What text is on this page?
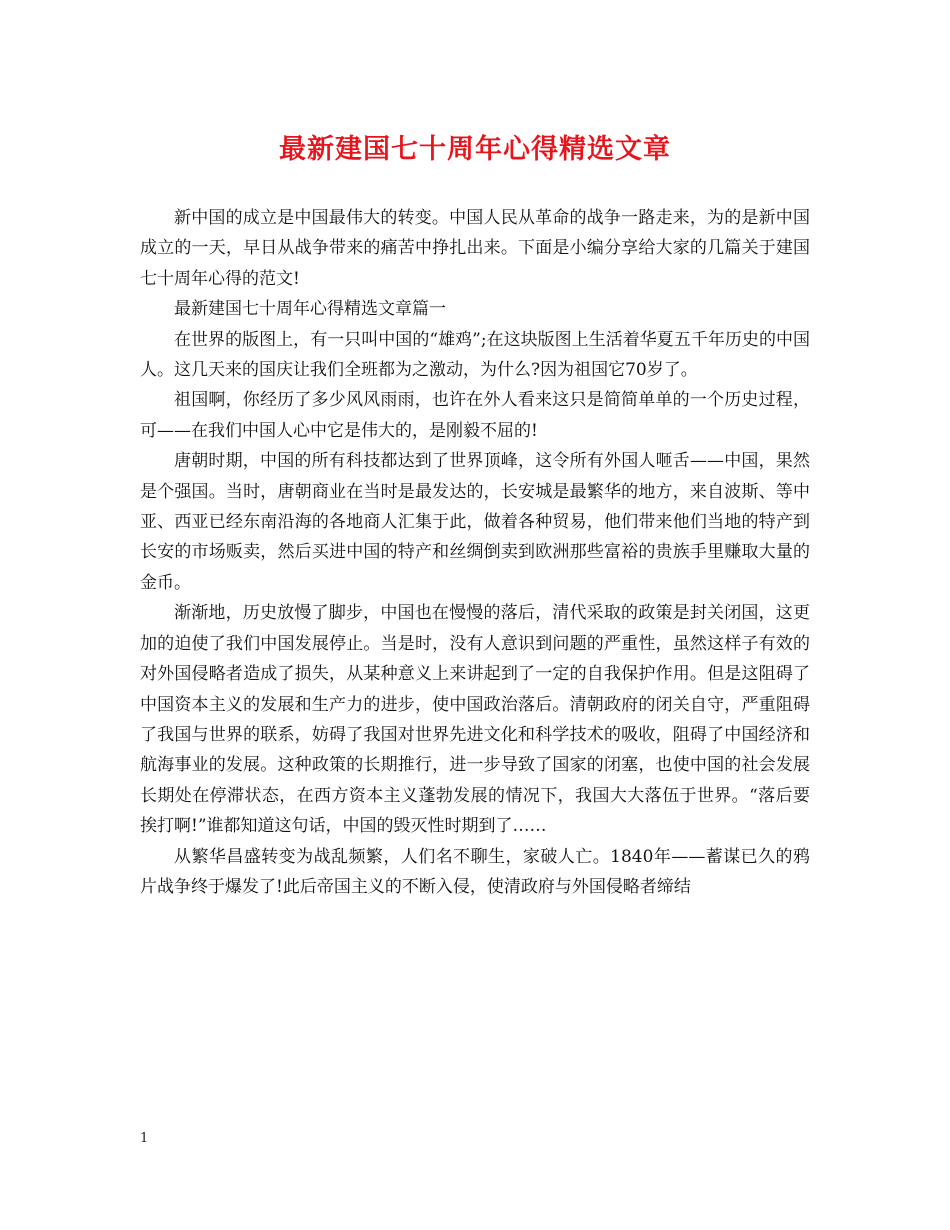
最新建国七十周年心得精选文章

新中国的成立是中国最伟大的转变。中国人民从革命的战争一路走来，为的是新中国成立的一天，早日从战争带来的痛苦中挣扎出来。下面是小编分享给大家的几篇关于建国七十周年心得的范文!

最新建国七十周年心得精选文章篇一

在世界的版图上，有一只叫中国的“雄鸡”;在这块版图上生活着华夏五千年历史的中国人。这几天来的国庆让我们全班都为之激动，为什么?因为祖国它70岁了。

祖国啊，你经历了多少风风雨雨，也许在外人看来这只是简简单单的一个历史过程，可——在我们中国人心中它是伟大的，是刚毅不屈的!

唐朝时期，中国的所有科技都达到了世界顶峰，这令所有外国人咂舌——中国，果然是个强国。当时，唐朝商业在当时是最发达的，长安城是最繁华的地方，来自波斯、等中亚、西亚已经东南沿海的各地商人汇集于此，做着各种贸易，他们带来他们当地的特产到长安的市场贩卖，然后买进中国的特产和丝绸倒卖到欧洲那些富裕的贵族手里赚取大量的金币。

渐渐地，历史放慢了脚步，中国也在慢慢的落后，清代采取的政策是封关闭国，这更加的迫使了我们中国发展停止。当是时，没有人意识到问题的严重性，虽然这样子有效的对外国侵略者造成了损失，从某种意义上来讲起到了一定的自我保护作用。但是这阻碍了中国资本主义的发展和生产力的进步，使中国政治落后。清朝政府的闭关自守，严重阻碍了我国与世界的联系，妨碍了我国对世界先进文化和科学技术的吸收，阻碍了中国经济和航海事业的发展。这种政策的长期推行，进一步导致了国家的闭塞，也使中国的社会发展长期处在停滞状态，在西方资本主义蓬勃发展的情况下，我国大大落伍于世界。“落后要挨打啊!”谁都知道这句话，中国的毁灭性时期到了……

从繁华昌盛转变为战乱频繁，人们名不聊生，家破人亡。1840年——蓄谋已久的鸦片战争终于爆发了!此后帝国主义的不断入侵，使清政府与外国侵略者缔结

1
